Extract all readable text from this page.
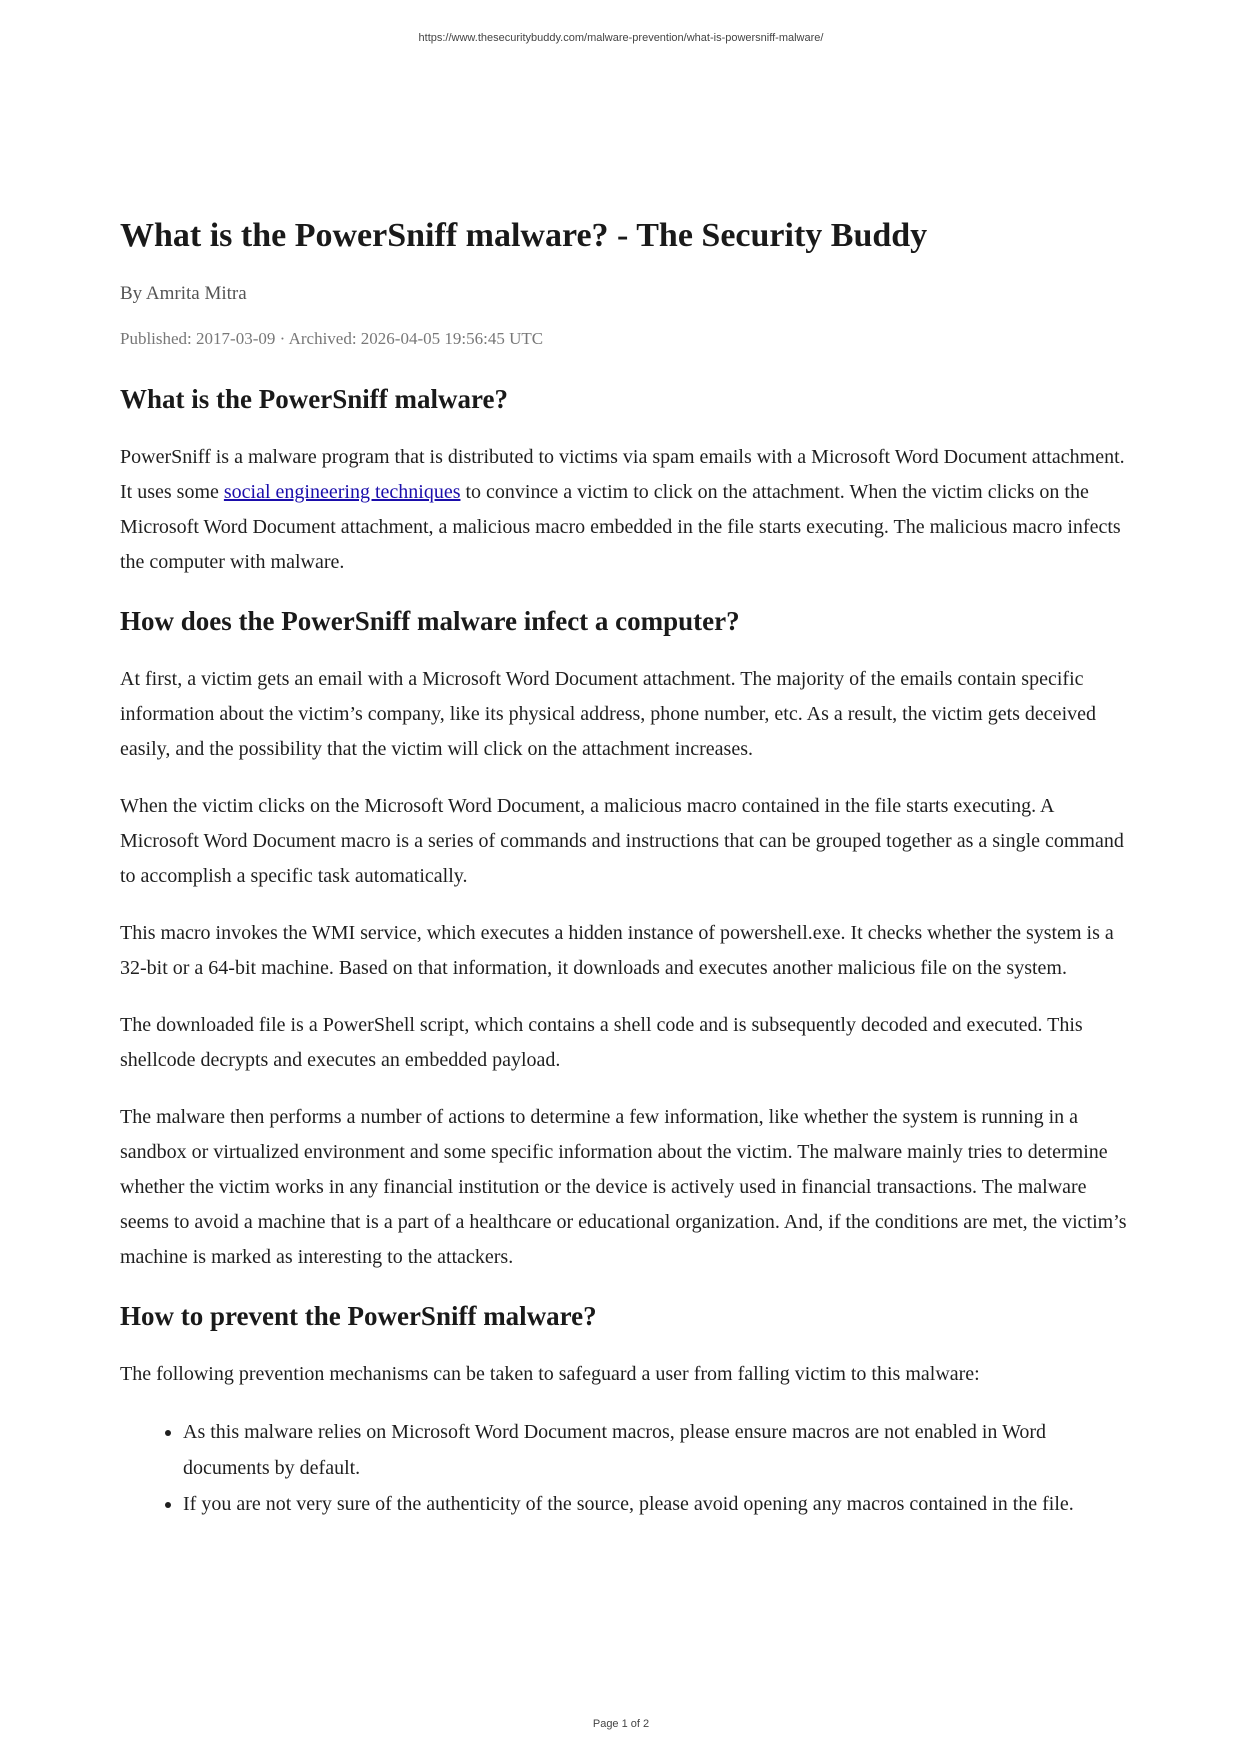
https://www.thesecuritybuddy.com/malware-prevention/what-is-powersniff-malware/
What is the PowerSniff malware? - The Security Buddy
By Amrita Mitra
Published: 2017-03-09 · Archived: 2026-04-05 19:56:45 UTC
What is the PowerSniff malware?

PowerSniff is a malware program that is distributed to victims via spam emails with a Microsoft Word Document attachment. It uses some social engineering techniques to convince a victim to click on the attachment. When the victim clicks on the Microsoft Word Document attachment, a malicious macro embedded in the file starts executing. The malicious macro infects the computer with malware.

How does the PowerSniff malware infect a computer?

At first, a victim gets an email with a Microsoft Word Document attachment. The majority of the emails contain specific information about the victim’s company, like its physical address, phone number, etc. As a result, the victim gets deceived easily, and the possibility that the victim will click on the attachment increases.

When the victim clicks on the Microsoft Word Document, a malicious macro contained in the file starts executing. A Microsoft Word Document macro is a series of commands and instructions that can be grouped together as a single command to accomplish a specific task automatically.

This macro invokes the WMI service, which executes a hidden instance of powershell.exe. It checks whether the system is a 32-bit or a 64-bit machine. Based on that information, it downloads and executes another malicious file on the system.

The downloaded file is a PowerShell script, which contains a shell code and is subsequently decoded and executed. This shellcode decrypts and executes an embedded payload.

The malware then performs a number of actions to determine a few information, like whether the system is running in a sandbox or virtualized environment and some specific information about the victim. The malware mainly tries to determine whether the victim works in any financial institution or the device is actively used in financial transactions. The malware seems to avoid a machine that is a part of a healthcare or educational organization. And, if the conditions are met, the victim’s machine is marked as interesting to the attackers.

How to prevent the PowerSniff malware?

The following prevention mechanisms can be taken to safeguard a user from falling victim to this malware:

• As this malware relies on Microsoft Word Document macros, please ensure macros are not enabled in Word documents by default.
• If you are not very sure of the authenticity of the source, please avoid opening any macros contained in the file.
Page 1 of 2
